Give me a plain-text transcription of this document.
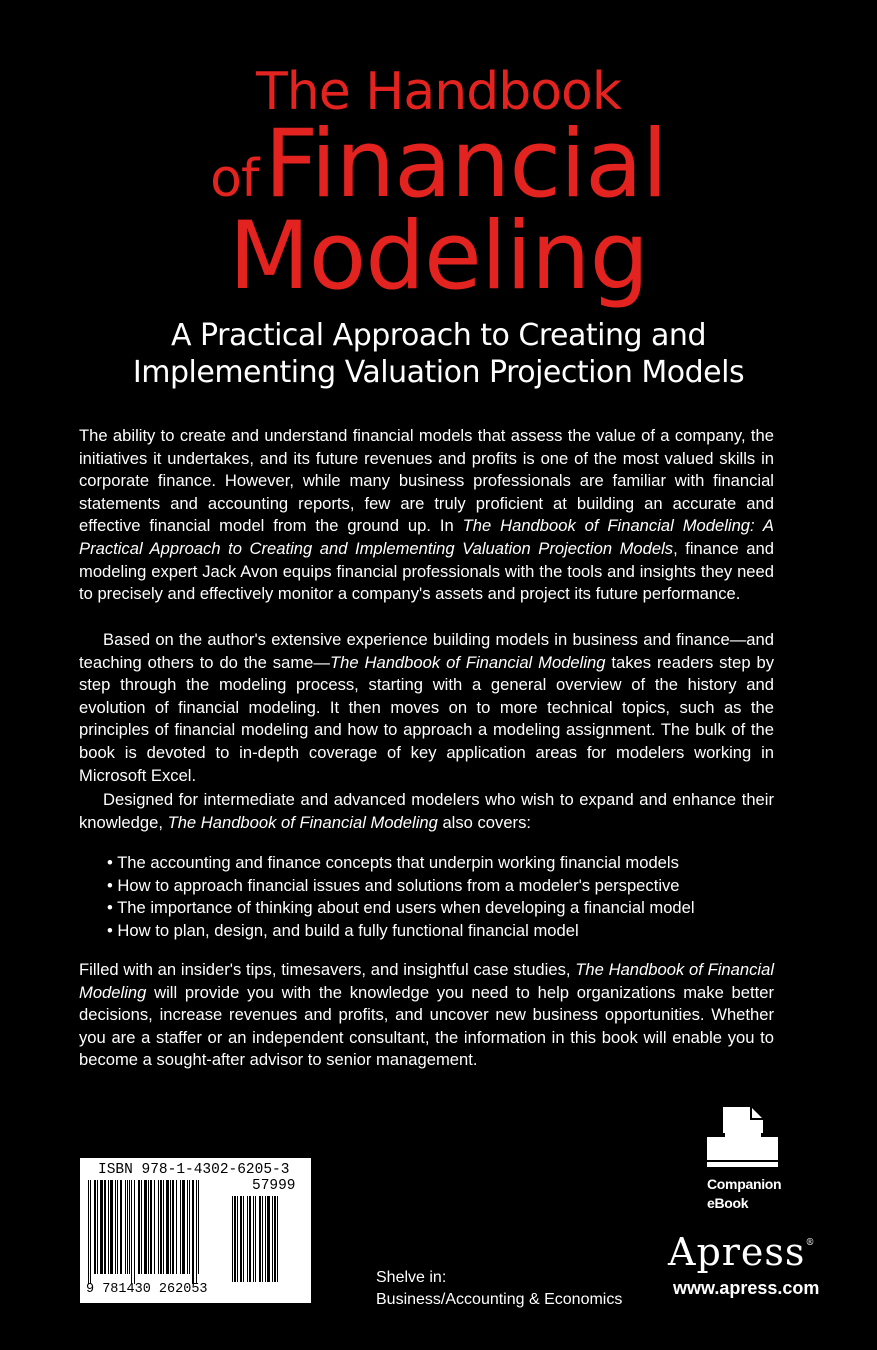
The Handbook
ofFinancial
Modeling
A Practical Approach to Creating and
Implementing Valuation Projection Models

The ability to create and understand financial models that assess the value of a company, the initiatives it undertakes, and its future revenues and profits is one of the most valued skills in corporate finance. However, while many business professionals are familiar with financial statements and accounting reports, few are truly proficient at building an accurate and effective financial model from the ground up. In The Handbook of Financial Modeling: A Practical Approach to Creating and Implementing Valuation Projection Models, finance and modeling expert Jack Avon equips financial professionals with the tools and insights they need to precisely and effectively monitor a company's assets and project its future performance.

Based on the author's extensive experience building models in business and finance—and teaching others to do the same—The Handbook of Financial Modeling takes readers step by step through the modeling process, starting with a general overview of the history and evolution of financial modeling. It then moves on to more technical topics, such as the principles of financial modeling and how to approach a modeling assignment. The bulk of the book is devoted to in-depth coverage of key application areas for modelers working in Microsoft Excel.

Designed for intermediate and advanced modelers who wish to expand and enhance their knowledge, The Handbook of Financial Modeling also covers:

• The accounting and finance concepts that underpin working financial models
• How to approach financial issues and solutions from a modeler's perspective
• The importance of thinking about end users when developing a financial model
• How to plan, design, and build a fully functional financial model

Filled with an insider's tips, timesavers, and insightful case studies, The Handbook of Financial Modeling will provide you with the knowledge you need to help organizations make better decisions, increase revenues and profits, and uncover new business opportunities. Whether you are a staffer or an independent consultant, the information in this book will enable you to become a sought-after advisor to senior management.

ISBN 978-1-4302-6205-3
57999
9 781430 262053
Companion
eBook
Apress®
www.apress.com
Shelve in:
Business/Accounting & Economics
